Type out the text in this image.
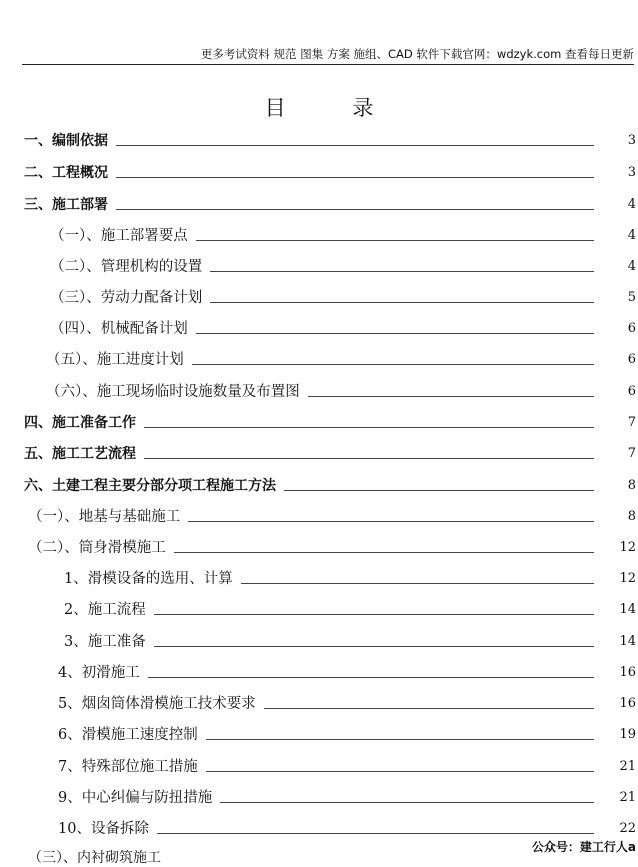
更多考试资料 规范 图集 方案 施组、CAD 软件下载官网：wdzyk.com 查看每日更新
目 录
一、编制依据	3
二、工程概况	3
三、施工部署	4
（一）、施工部署要点	4
（二）、管理机构的设置	4
（三）、劳动力配备计划	5
（四）、机械配备计划	6
（五）、施工进度计划	6
（六）、施工现场临时设施数量及布置图	6
四、施工准备工作	7
五、施工工艺流程	7
六、土建工程主要分部分项工程施工方法	8
（一）、地基与基础施工	8
（二）、筒身滑模施工	12
1、滑模设备的选用、计算	12
2、施工流程	14
3、施工准备	14
4、初滑施工	16
5、烟囱筒体滑模施工技术要求	16
6、滑模施工速度控制	19
7、特殊部位施工措施	21
9、中心纠偏与防扭措施	21
10、设备拆除	22
（三）、内衬砌筑施工
公众号：建工行人a
